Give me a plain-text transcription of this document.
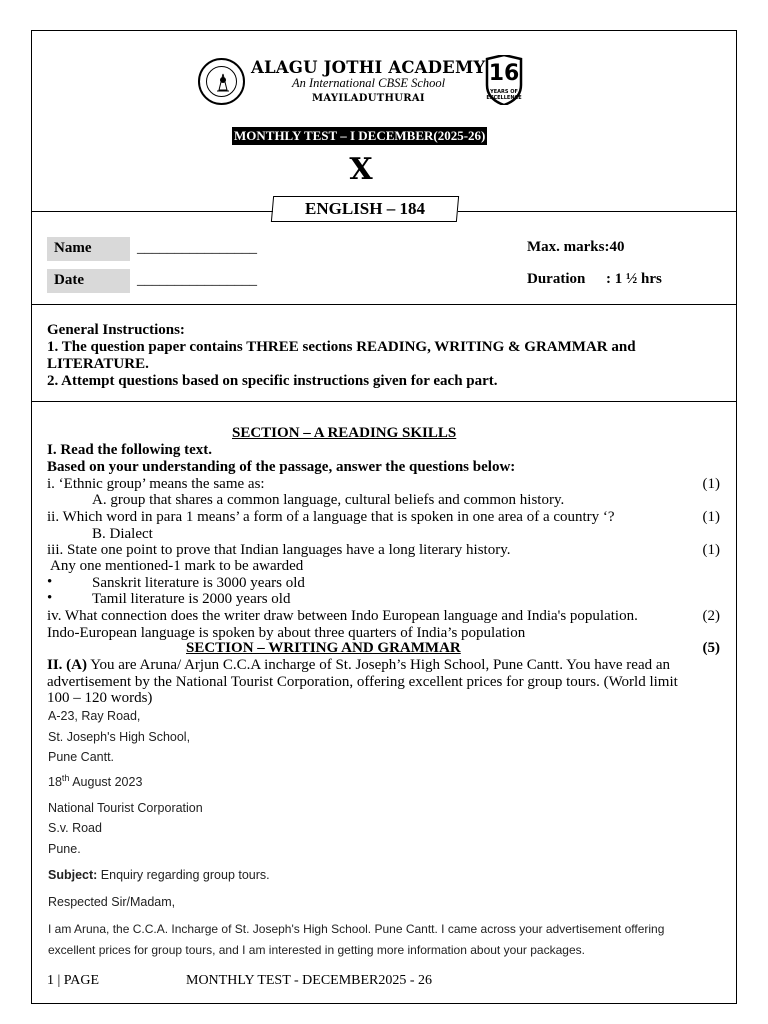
ALAGU JOTHI ACADEMY
An International CBSE School
MAYILADUTHURAI
16
YEARS OF EXCELLENCE
MONTHLY TEST – I DECEMBER(2025-26)
X
ENGLISH – 184
Name	________________
Date	________________
Max. marks:40
Duration : 1 ½ hrs
General Instructions:
1. The question paper contains THREE sections READING, WRITING & GRAMMAR and LITERATURE.
2. Attempt questions based on specific instructions given for each part.
SECTION – A READING SKILLS
I. Read the following text.
Based on your understanding of the passage, answer the questions below:
i. ‘Ethnic group’ means the same as:	(1)
A. group that shares a common language, cultural beliefs and common history.
ii. Which word in para 1 means’ a form of a language that is spoken in one area of a country ‘?	(1)
B. Dialect
iii. State one point to prove that Indian languages have a long literary history.	(1)
Any one mentioned-1 mark to be awarded
•	Sanskrit literature is 3000 years old
•	Tamil literature is 2000 years old
iv. What connection does the writer draw between Indo European language and India's population.	(2)
Indo-European language is spoken by about three quarters of India’s population
SECTION – WRITING AND GRAMMAR	(5)
II. (A) You are Aruna/ Arjun C.C.A incharge of St. Joseph’s High School, Pune Cantt. You have read an
advertisement by the National Tourist Corporation, offering excellent prices for group tours. (World limit
100 – 120 words)
A-23, Ray Road,
St. Joseph's High School,
Pune Cantt.
18th August 2023
National Tourist Corporation
S.v. Road
Pune.
Subject: Enquiry regarding group tours.
Respected Sir/Madam,
I am Aruna, the C.C.A. Incharge of St. Joseph's High School. Pune Cantt. I came across your advertisement offering
excellent prices for group tours, and I am interested in getting more information about your packages.
1 | PAGE	MONTHLY TEST - DECEMBER2025 - 26
